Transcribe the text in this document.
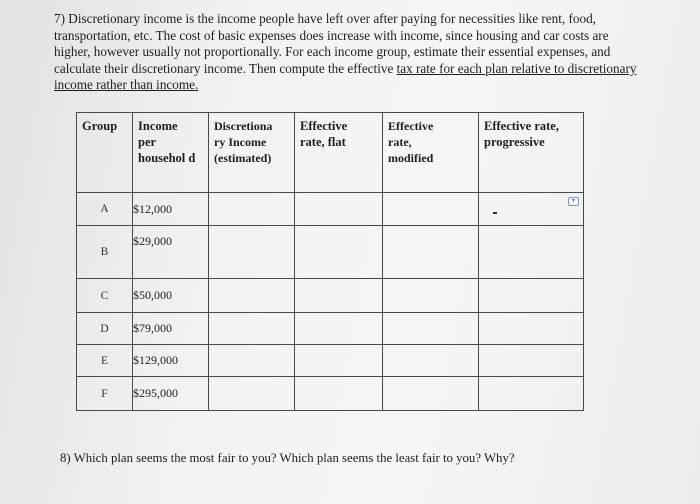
7) Discretionary income is the income people have left over after paying for necessities like rent, food, transportation, etc. The cost of basic expenses does increase with income, since housing and car costs are higher, however usually not proportionally. For each income group, estimate their essential expenses, and calculate their discretionary income. Then compute the effective tax rate for each plan relative to discretionary income rather than income.
Group	Income per househol d	Discretiona ry Income (estimated)	Effective rate, flat	Effective rate, modified	Effective rate, progressive

A	$12,000				▾

B	$29,000				

C	$50,000				
D	$79,000				
E	$129,000				
F	$295,000				
8) Which plan seems the most fair to you? Which plan seems the least fair to you? Why?
